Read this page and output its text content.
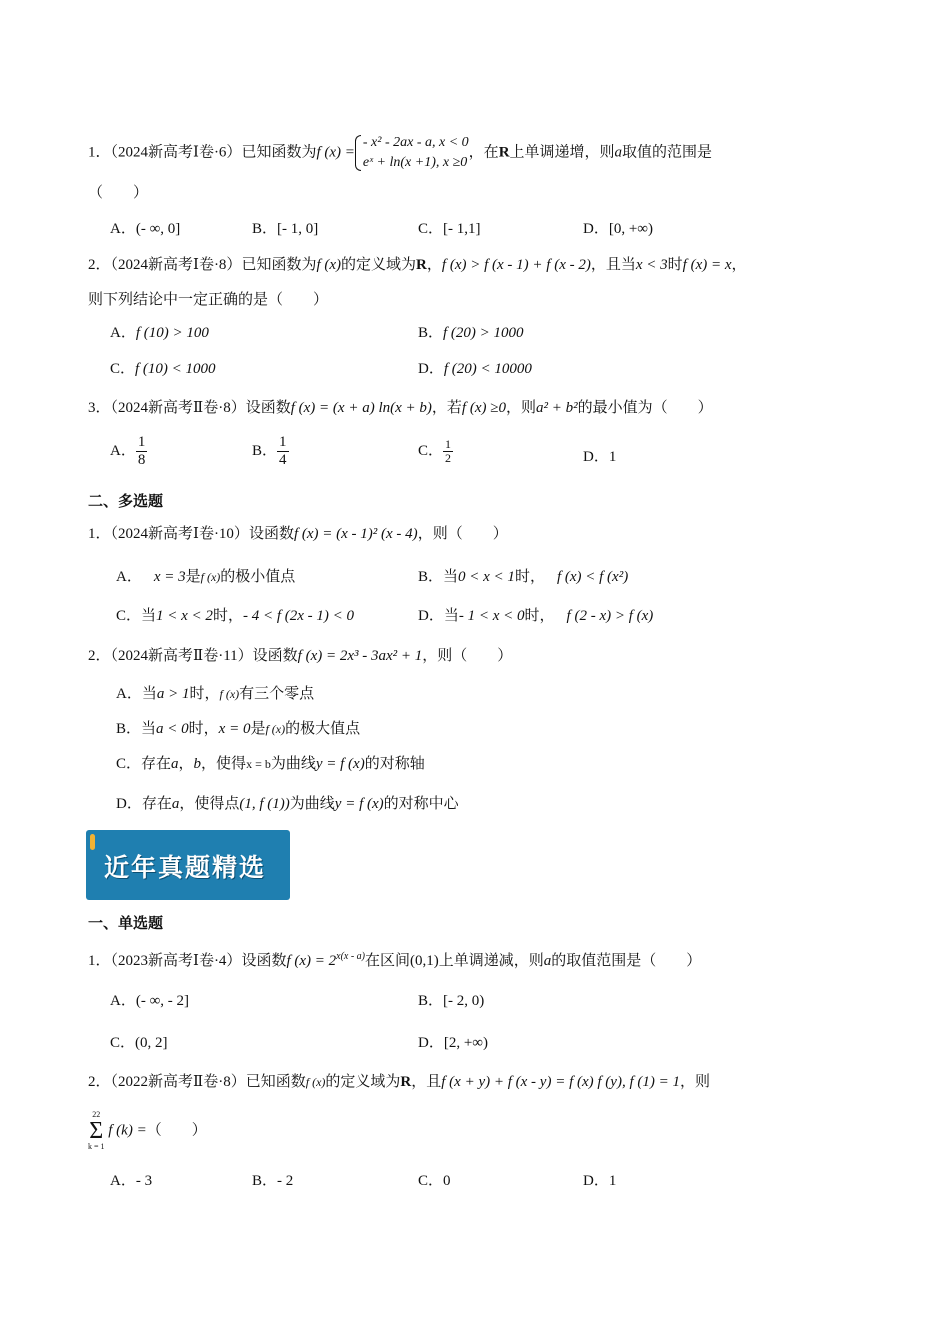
1．（2024新高考Ⅰ卷·6）已知函数为f (x) =
- x² - 2ax - a, x < 0
eˣ + ln(x +1), x ≥0
，在R上单调递增，则a取值的范围是
（　　）
A．(- ∞, 0]	B．[- 1, 0]	C．[- 1,1]	D．[0, +∞)
2．（2024新高考Ⅰ卷·8）已知函数为f (x)的定义域为R，f (x) > f (x - 1) + f (x - 2)，且当x < 3时f (x) = x，
则下列结论中一定正确的是（　　）
A．f (10) > 100	B．f (20) > 1000
C．f (10) < 1000	D．f (20) < 10000
3．（2024新高考Ⅱ卷·8）设函数f (x) = (x + a) ln(x + b)，若f (x) ≥0，则a² + b²的最小值为（　　）
A． $\frac{1}{8}$	B． $\frac{1}{4}$	C． $\frac{1}{2}$	D．1
二、多选题
1．（2024新高考Ⅰ卷·10）设函数f (x) = (x - 1)² (x - 4)，则（　　）
A． x = 3是f (x)的极小值点	B．当0 < x < 1时， f (x) < f (x²)
C．当1 < x < 2时，- 4 < f (2x - 1) < 0	D．当- 1 < x < 0时， f (2 - x) > f (x)
2．（2024新高考Ⅱ卷·11）设函数f (x) = 2x³ - 3ax² + 1，则（　　）
A．当a > 1时，f (x)有三个零点
B．当a < 0时，x = 0是f (x)的极大值点
C．存在a，b，使得x = b为曲线y = f (x)的对称轴
D．存在a，使得点(1, f (1))为曲线y = f (x)的对称中心
近年真题精选
一、单选题
1．（2023新高考Ⅰ卷·4）设函数f $(x) = 2^{x(x - a)}$在区间(0,1)上单调递减，则a的取值范围是（　　）
A．(- ∞, - 2]	B．[- 2, 0)
C．(0, 2]	D．[2, +∞)
2．（2022新高考Ⅱ卷·8）已知函数f (x)的定义域为R，且f (x + y) + f (x - y) = f (x) f (y), f (1) = 1，则
22
Σ
k = 1
f (k) =（　　）
A．- 3	B．- 2	C．0	D．1
